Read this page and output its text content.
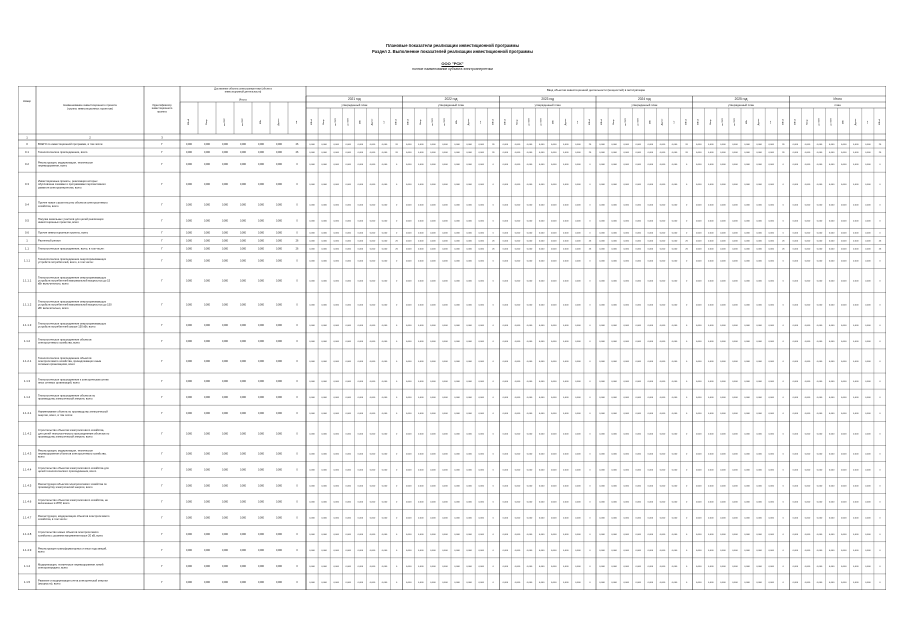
Плановые показатели реализации инвестиционной программы
Раздел 2. Выполнение показателей реализации инвестиционной программы
ООО "РСК"
полное наименование субъекта электроэнергетики
Номер
Наименование инвестиционного проекта
(группы инвестиционных проектов)
Идентификатор
инвестиционного
проекта
Достижение объекта электроэнергетики (объекта
инвестиционной деятельности)
Итого
Ввод объектов инвестиционной деятельности (мощностей) в эксплуатацию
МВ×А	Мвар	км ЛЭП	км ЛЭП	МВт	Другое	шт
2021 год
утвержденный план
МВ×А	Мвар	км ЛЭП	км ЛЭП	МВт	Другое	шт	МВ×А
2022 год
утвержденный план
МВ×А	Мвар	км ЛЭП	км ЛЭП	МВт	Другое	шт	МВ×А
2023 год
утвержденный план
МВ×А	Мвар	км ЛЭП	км ЛЭП	МВт	Другое	шт	МВ×А
2024 год
утвержденный план
МВ×А	Мвар	км ЛЭП	км ЛЭП	МВт	Другое	шт	МВ×А
2025 год
утвержденный план
МВ×А	Мвар	км ЛЭП	км ЛЭП	МВт	Другое	шт	МВ×А
Итого
план
МВ×А	Мвар	км ЛЭП	км ЛЭП	МВт	Другое	шт	МВ×А
1	2	3
0	ВСЕГО по инвестиционной программе, в том числе:	Г	0,000	0,000	0,000	0,000	0,000	0,000	26	0,000	0,000	0,000	0,000	0,000	0,000	0,000	26	0,000	0,000	0,000	0,000	0,000	0,000	0,000	26	0,000	0,000	0,000	0,000	0,000	0,000	0,000	26	0,000	0,000	0,000	0,000	0,000	0,000	0,000	26	0,000	0,000	0,000	0,000	0,000	0,000	0,000	26	0,000	0,000	0,000	0,000	0,000	0,000	0,000	26
0.1	Технологическое присоединение, всего	Г	0,000	0,000	0,000	0,000	0,000	0,000	26	0,000	0,000	0,000	0,000	0,000	0,000	0,000	26	0,000	0,000	0,000	0,000	0,000	0,000	0,000	26	0,000	0,000	0,000	0,000	0,000	0,000	0,000	26	0,000	0,000	0,000	0,000	0,000	0,000	0,000	26	0,000	0,000	0,000	0,000	0,000	0,000	0,000	26	0,000	0,000	0,000	0,000	0,000	0,000	0,000	26
0.2	Реконструкция, модернизация, техническое
перевооружение, всего
Г	0,000	0,000	0,000	0,000	0,000	0,000	0	0,000	0,000	0,000	0,000	0,000	0,000	0,000	0	0,000	0,000	0,000	0,000	0,000	0,000	0,000	0	0,000	0,000	0,000	0,000	0,000	0,000	0,000	0	0,000	0,000	0,000	0,000	0,000	0,000	0,000	0	0,000	0,000	0,000	0,000	0,000	0,000	0,000	0	0,000	0,000	0,000	0,000	0,000	0,000	0,000	0
0.3
Инвестиционные проекты, реализация которых
обусловлена схемами и программами перспективного
развития электроэнергетики, всего
Г	0,000	0,000	0,000	0,000	0,000	0,000	0	0,000	0,000	0,000	0,000	0,000	0,000	0,000	0	0,000	0,000	0,000	0,000	0,000	0,000	0,000	0	0,000	0,000	0,000	0,000	0,000	0,000	0,000	0	0,000	0,000	0,000	0,000	0,000	0,000	0,000	0	0,000	0,000	0,000	0,000	0,000	0,000	0,000	0	0,000	0,000	0,000	0,000	0,000	0,000	0,000	0
0.4	Прочее новое строительство объектов электросетевого
хозяйства, всего
Г	0,000	0,000	0,000	0,000	0,000	0,000	0	0,000	0,000	0,000	0,000	0,000	0,000	0,000	0	0,000	0,000	0,000	0,000	0,000	0,000	0,000	0	0,000	0,000	0,000	0,000	0,000	0,000	0,000	0	0,000	0,000	0,000	0,000	0,000	0,000	0,000	0	0,000	0,000	0,000	0,000	0,000	0,000	0,000	0	0,000	0,000	0,000	0,000	0,000	0,000	0,000	0
0.5	Покупка земельных участков для целей реализации
инвестиционных проектов, всего
Г	0,000	0,000	0,000	0,000	0,000	0,000	0	0,000	0,000	0,000	0,000	0,000	0,000	0,000	0	0,000	0,000	0,000	0,000	0,000	0,000	0,000	0	0,000	0,000	0,000	0,000	0,000	0,000	0,000	0	0,000	0,000	0,000	0,000	0,000	0,000	0,000	0	0,000	0,000	0,000	0,000	0,000	0,000	0,000	0	0,000	0,000	0,000	0,000	0,000	0,000	0,000	0
0.6	Прочие инвестиционные проекты, всего	Г	0,000	0,000	0,000	0,000	0,000	0,000	0	0,000	0,000	0,000	0,000	0,000	0,000	0,000	0	0,000	0,000	0,000	0,000	0,000	0,000	0,000	0	0,000	0,000	0,000	0,000	0,000	0,000	0,000	0	0,000	0,000	0,000	0,000	0,000	0,000	0,000	0	0,000	0,000	0,000	0,000	0,000	0,000	0,000	0	0,000	0,000	0,000	0,000	0,000	0,000	0,000	0
1	Расчетный регион	Г	0,000	0,000	0,000	0,000	0,000	0,000	26	0,000	0,000	0,000	0,000	0,000	0,000	0,000	26	0,000	0,000	0,000	0,000	0,000	0,000	0,000	26	0,000	0,000	0,000	0,000	0,000	0,000	0,000	26	0,000	0,000	0,000	0,000	0,000	0,000	0,000	26	0,000	0,000	0,000	0,000	0,000	0,000	0,000	26	0,000	0,000	0,000	0,000	0,000	0,000	0,000	26
1.1	Технологическое присоединение, всего, в том числе:	Г	0,000	0,000	0,000	0,000	0,000	0,000	26	0,000	0,000	0,000	0,000	0,000	0,000	0,000	26	0,000	0,000	0,000	0,000	0,000	0,000	0,000	26	0,000	0,000	0,000	0,000	0,000	0,000	0,000	26	0,000	0,000	0,000	0,000	0,000	0,000	0,000	26	0,000	0,000	0,000	0,000	0,000	0,000	0,000	26	0,000	0,000	0,000	0,000	0,000	0,000	0,000	26
1.1.1	Технологическое присоединение энергопринимающих
устройств потребителей, всего, в том числе:
Г	0,000	0,000	0,000	0,000	0,000	0,000	0	0,000	0,000	0,000	0,000	0,000	0,000	0,000	0	0,000	0,000	0,000	0,000	0,000	0,000	0,000	0	0,000	0,000	0,000	0,000	0,000	0,000	0,000	0	0,000	0,000	0,000	0,000	0,000	0,000	0,000	0	0,000	0,000	0,000	0,000	0,000	0,000	0,000	0	0,000	0,000	0,000	0,000	0,000	0,000	0,000	0
1.1.1.1
Технологическое присоединение энергопринимающих
устройств потребителей максимальной мощностью до 15
кВт включительно, всего
Г	0,000	0,000	0,000	0,000	0,000	0,000	0	0,000	0,000	0,000	0,000	0,000	0,000	0,000	0	0,000	0,000	0,000	0,000	0,000	0,000	0,000	0	0,000	0,000	0,000	0,000	0,000	0,000	0,000	0	0,000	0,000	0,000	0,000	0,000	0,000	0,000	0	0,000	0,000	0,000	0,000	0,000	0,000	0,000	0	0,000	0,000	0,000	0,000	0,000	0,000	0,000	0
1.1.1.2
Технологическое присоединение энергопринимающих
устройств потребителей максимальной мощностью до 150
кВт включительно, всего
Г	0,000	0,000	0,000	0,000	0,000	0,000	0	0,000	0,000	0,000	0,000	0,000	0,000	0,000	0	0,000	0,000	0,000	0,000	0,000	0,000	0,000	0	0,000	0,000	0,000	0,000	0,000	0,000	0,000	0	0,000	0,000	0,000	0,000	0,000	0,000	0,000	0	0,000	0,000	0,000	0,000	0,000	0,000	0,000	0	0,000	0,000	0,000	0,000	0,000	0,000	0,000	0
1.1.1.3 Технологическое присоединение энергопринимающих
устройств потребителей свыше 150 кВт, всего
Г	0,000	0,000	0,000	0,000	0,000	0,000	0	0,000	0,000	0,000	0,000	0,000	0,000	0,000	0	0,000	0,000	0,000	0,000	0,000	0,000	0,000	0	0,000	0,000	0,000	0,000	0,000	0,000	0,000	0	0,000	0,000	0,000	0,000	0,000	0,000	0,000	0	0,000	0,000	0,000	0,000	0,000	0,000	0,000	0	0,000	0,000	0,000	0,000	0,000	0,000	0,000	0
1.1.2	Технологическое присоединение объектов
электросетевого хозяйства, всего
Г	0,000	0,000	0,000	0,000	0,000	0,000	0	0,000	0,000	0,000	0,000	0,000	0,000	0,000	0	0,000	0,000	0,000	0,000	0,000	0,000	0,000	0	0,000	0,000	0,000	0,000	0,000	0,000	0,000	0	0,000	0,000	0,000	0,000	0,000	0,000	0,000	0	0,000	0,000	0,000	0,000	0,000	0,000	0,000	0	0,000	0,000	0,000	0,000	0,000	0,000	0,000	0
1.1.2.1
Технологическое присоединение объектов
электросетевого хозяйства, принадлежащих иным
сетевым организациям, всего
Г	0,000	0,000	0,000	0,000	0,000	0,000	0	0,000	0,000	0,000	0,000	0,000	0,000	0,000	0	0,000	0,000	0,000	0,000	0,000	0,000	0,000	0	0,000	0,000	0,000	0,000	0,000	0,000	0,000	0	0,000	0,000	0,000	0,000	0,000	0,000	0,000	0	0,000	0,000	0,000	0,000	0,000	0,000	0,000	0	0,000	0,000	0,000	0,000	0,000	0,000	0,000	0
1.1.3	Технологическое присоединение к электрическим сетям
иных сетевых организаций, всего
Г	0,000	0,000	0,000	0,000	0,000	0,000	0	0,000	0,000	0,000	0,000	0,000	0,000	0,000	0	0,000	0,000	0,000	0,000	0,000	0,000	0,000	0	0,000	0,000	0,000	0,000	0,000	0,000	0,000	0	0,000	0,000	0,000	0,000	0,000	0,000	0,000	0	0,000	0,000	0,000	0,000	0,000	0,000	0,000	0	0,000	0,000	0,000	0,000	0,000	0,000	0,000	0
1.1.4	Технологическое присоединение объектов по
производству электрической энергии, всего
Г	0,000	0,000	0,000	0,000	0,000	0,000	0	0,000	0,000	0,000	0,000	0,000	0,000	0,000	0	0,000	0,000	0,000	0,000	0,000	0,000	0,000	0	0,000	0,000	0,000	0,000	0,000	0,000	0,000	0	0,000	0,000	0,000	0,000	0,000	0,000	0,000	0	0,000	0,000	0,000	0,000	0,000	0,000	0,000	0	0,000	0,000	0,000	0,000	0,000	0,000	0,000	0
1.1.4.1 Наименование объекта по производству электрической
энергии, всего, в том числе:
Г	0,000	0,000	0,000	0,000	0,000	0,000	0	0,000	0,000	0,000	0,000	0,000	0,000	0,000	0	0,000	0,000	0,000	0,000	0,000	0,000	0,000	0	0,000	0,000	0,000	0,000	0,000	0,000	0,000	0	0,000	0,000	0,000	0,000	0,000	0,000	0,000	0	0,000	0,000	0,000	0,000	0,000	0,000	0,000	0	0,000	0,000	0,000	0,000	0,000	0,000	0,000	0
1.1.4.2
Строительство объектов электросетевого хозяйства,
для целей технологического присоединения объектов по
производству электрической энергии, всего
Г	0,000	0,000	0,000	0,000	0,000	0,000	0	0,000	0,000	0,000	0,000	0,000	0,000	0,000	0	0,000	0,000	0,000	0,000	0,000	0,000	0,000	0	0,000	0,000	0,000	0,000	0,000	0,000	0,000	0	0,000	0,000	0,000	0,000	0,000	0,000	0,000	0	0,000	0,000	0,000	0,000	0,000	0,000	0,000	0	0,000	0,000	0,000	0,000	0,000	0,000	0,000	0
1.1.4.3
Реконструкция, модернизация, техническое
перевооружение объектов электросетевого хозяйства,
всего
Г	0,000	0,000	0,000	0,000	0,000	0,000	0	0,000	0,000	0,000	0,000	0,000	0,000	0,000	0	0,000	0,000	0,000	0,000	0,000	0,000	0,000	0	0,000	0,000	0,000	0,000	0,000	0,000	0,000	0	0,000	0,000	0,000	0,000	0,000	0,000	0,000	0	0,000	0,000	0,000	0,000	0,000	0,000	0,000	0	0,000	0,000	0,000	0,000	0,000	0,000	0,000	0
1.1.4.4 Строительство объектов электросетевого хозяйства для
целей технологического присоединения, всего
Г	0,000	0,000	0,000	0,000	0,000	0,000	0	0,000	0,000	0,000	0,000	0,000	0,000	0,000	0	0,000	0,000	0,000	0,000	0,000	0,000	0,000	0	0,000	0,000	0,000	0,000	0,000	0,000	0,000	0	0,000	0,000	0,000	0,000	0,000	0,000	0,000	0	0,000	0,000	0,000	0,000	0,000	0,000	0,000	0	0,000	0,000	0,000	0,000	0,000	0,000	0,000	0
1.1.4.5 Реконструкция объектов электросетевого хозяйства по
производству электрической энергии, всего
Г	0,000	0,000	0,000	0,000	0,000	0,000	0	0,000	0,000	0,000	0,000	0,000	0,000	0,000	0	0,000	0,000	0,000	0,000	0,000	0,000	0,000	0	0,000	0,000	0,000	0,000	0,000	0,000	0,000	0	0,000	0,000	0,000	0,000	0,000	0,000	0,000	0	0,000	0,000	0,000	0,000	0,000	0,000	0,000	0	0,000	0,000	0,000	0,000	0,000	0,000	0,000	0
1.1.4.6 Строительство объектов электросетевого хозяйства, не
включенных в ИПР, всего
Г	0,000	0,000	0,000	0,000	0,000	0,000	0	0,000	0,000	0,000	0,000	0,000	0,000	0,000	0	0,000	0,000	0,000	0,000	0,000	0,000	0,000	0	0,000	0,000	0,000	0,000	0,000	0,000	0,000	0	0,000	0,000	0,000	0,000	0,000	0,000	0,000	0	0,000	0,000	0,000	0,000	0,000	0,000	0,000	0	0,000	0,000	0,000	0,000	0,000	0,000	0,000	0
1.1.4.7 Реконструкция, модернизация объектов электросетевого
хозяйства, в том числе:
Г	0,000	0,000	0,000	0,000	0,000	0,000	0	0,000	0,000	0,000	0,000	0,000	0,000	0,000	0	0,000	0,000	0,000	0,000	0,000	0,000	0,000	0	0,000	0,000	0,000	0,000	0,000	0,000	0,000	0	0,000	0,000	0,000	0,000	0,000	0,000	0,000	0	0,000	0,000	0,000	0,000	0,000	0,000	0,000	0	0,000	0,000	0,000	0,000	0,000	0,000	0,000	0
1.1.4.8 Строительство новых объектов электросетевого
хозяйства с уровнем напряжения выше 20 кВ, всего
Г	0,000	0,000	0,000	0,000	0,000	0,000	0	0,000	0,000	0,000	0,000	0,000	0,000	0,000	0	0,000	0,000	0,000	0,000	0,000	0,000	0,000	0	0,000	0,000	0,000	0,000	0,000	0,000	0,000	0	0,000	0,000	0,000	0,000	0,000	0,000	0,000	0	0,000	0,000	0,000	0,000	0,000	0,000	0,000	0	0,000	0,000	0,000	0,000	0,000	0,000	0,000	0
1.1.4.9 Реконструкция трансформаторных и иных подстанций,
всего
Г	0,000	0,000	0,000	0,000	0,000	0,000	0	0,000	0,000	0,000	0,000	0,000	0,000	0,000	0	0,000	0,000	0,000	0,000	0,000	0,000	0,000	0	0,000	0,000	0,000	0,000	0,000	0,000	0,000	0	0,000	0,000	0,000	0,000	0,000	0,000	0,000	0	0,000	0,000	0,000	0,000	0,000	0,000	0,000	0	0,000	0,000	0,000	0,000	0,000	0,000	0,000	0
1.1.4	Модернизация, техническое перевооружение линий
электропередачи, всего
Г	0,000	0,000	0,000	0,000	0,000	0,000	0	0,000	0,000	0,000	0,000	0,000	0,000	0,000	0	0,000	0,000	0,000	0,000	0,000	0,000	0,000	0	0,000	0,000	0,000	0,000	0,000	0,000	0,000	0	0,000	0,000	0,000	0,000	0,000	0,000	0,000	0	0,000	0,000	0,000	0,000	0,000	0,000	0,000	0	0,000	0,000	0,000	0,000	0,000	0,000	0,000	0
1.1.5	Развитие и модернизация учета электрической энергии
(мощности), всего
Г	0,000	0,000	0,000	0,000	0,000	0,000	0	0,000	0,000	0,000	0,000	0,000	0,000	0,000	0	0,000	0,000	0,000	0,000	0,000	0,000	0,000	0	0,000	0,000	0,000	0,000	0,000	0,000	0,000	0	0,000	0,000	0,000	0,000	0,000	0,000	0,000	0	0,000	0,000	0,000	0,000	0,000	0,000	0,000	0	0,000	0,000	0,000	0,000	0,000	0,000	0,000	0
